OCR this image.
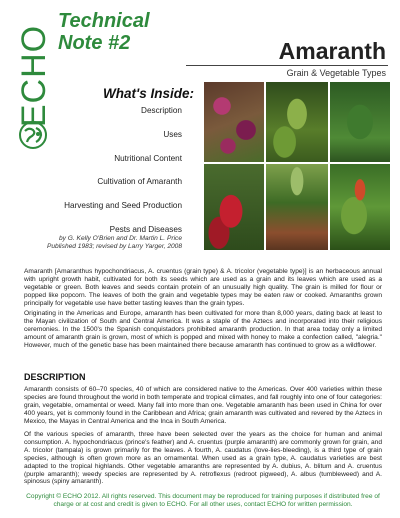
ECHO
Technical
Note #2	Amaranth
Grain & Vegetable Types
What's Inside:
Description
Uses
Nutritional Content
Cultivation of Amaranth
Harvesting and Seed Production
Pests and Diseases
by G. Kelly O'Brien and Dr. Martin L. Price
Published 1983; revised by Larry Yarger, 2008

Amaranth [Amaranthus hypochondriacus, A. cruentus (grain type) & A. tricolor (vegetable type)] is an herbaceous annual with upright growth habit, cultivated for both its seeds which are used as a grain and its leaves which are used as a vegetable or green. Both leaves and seeds contain protein of an unusually high quality. The grain is milled for flour or popped like popcorn. The leaves of both the grain and vegetable types may be eaten raw or cooked. Amaranths grown principally for vegetable use have better tasting leaves than the grain types.

Originating in the Americas and Europe, amaranth has been cultivated for more than 8,000 years, dating back at least to the Mayan civilization of South and Central America. It was a staple of the Aztecs and incorporated into their religious ceremonies. In the 1500's the Spanish conquistadors prohibited amaranth production. In that area today only a limited amount of amaranth grain is grown, most of which is popped and mixed with honey to make a confection called, "alegria." However, much of the genetic base has been maintained there because amaranth has continued to grow as a wildflower.

DESCRIPTION

Amaranth consists of 60–70 species, 40 of which are considered native to the Americas. Over 400 varieties within these species are found throughout the world in both temperate and tropical climates, and fall roughly into one of four categories: grain, vegetable, ornamental or weed. Many fall into more than one. Vegetable amaranth has been used in China for over 400 years, yet is commonly found in the Caribbean and Africa; grain amaranth was cultivated and revered by the Aztecs in Mexico, the Mayas in Central America and the Inca in South America.

Of the various species of amaranth, three have been selected over the years as the choice for human and animal consumption. A. hypochondriacus (prince's feather) and A. cruentus (purple amaranth) are commonly grown for grain, and A. tricolor (tampala) is grown primarily for the leaves. A fourth, A. caudatus (love-lies-bleeding), is a third type of grain species, although is often grown more as an ornamental. When used as a grain type, A. caudatus varieties are best adapted to the tropical highlands. Other vegetable amaranths are represented by A. dubius, A. blitum and A. cruentus (purple amaranth); weedy species are represented by A. retroflexus (redroot pigweed), A. albus (tumbleweed) and A. spinosus (spiny amaranth).

Copyright © ECHO 2012. All rights reserved. This document may be reproduced for training purposes if distributed free of
charge or at cost and credit is given to ECHO. For all other uses, contact ECHO for written permission.
